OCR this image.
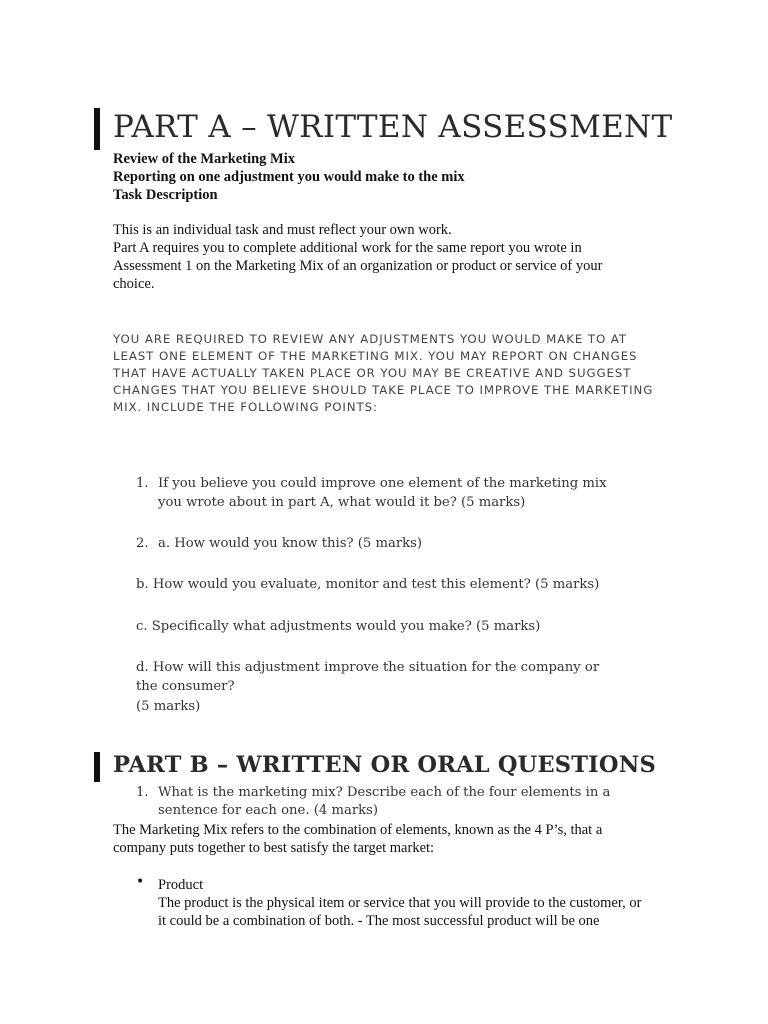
PART A – WRITTEN ASSESSMENT
Review of the Marketing Mix
Reporting on one adjustment you would make to the mix
Task Description

This is an individual task and must reflect your own work.

Part A requires you to complete additional work for the same report you wrote in Assessment 1 on the Marketing Mix of an organization or product or service of your choice.

YOU ARE REQUIRED TO REVIEW ANY ADJUSTMENTS YOU WOULD MAKE TO AT LEAST ONE ELEMENT OF THE MARKETING MIX. YOU MAY REPORT ON CHANGES THAT HAVE ACTUALLY TAKEN PLACE OR YOU MAY BE CREATIVE AND SUGGEST CHANGES THAT YOU BELIEVE SHOULD TAKE PLACE TO IMPROVE THE MARKETING MIX. INCLUDE THE FOLLOWING POINTS:

1. If you believe you could improve one element of the marketing mix you wrote about in part A, what would it be? (5 marks)
2. a. How would you know this? (5 marks)
b. How would you evaluate, monitor and test this element? (5 marks)
c. Specifically what adjustments would you make? (5 marks)
d. How will this adjustment improve the situation for the company or the consumer?
(5 marks)
PART B – WRITTEN OR ORAL QUESTIONS
1. What is the marketing mix? Describe each of the four elements in a sentence for each one. (4 marks)

The Marketing Mix refers to the combination of elements, known as the 4 P’s, that a company puts together to best satisfy the target market:

• Product

The product is the physical item or service that you will provide to the customer, or it could be a combination of both. - The most successful product will be one
